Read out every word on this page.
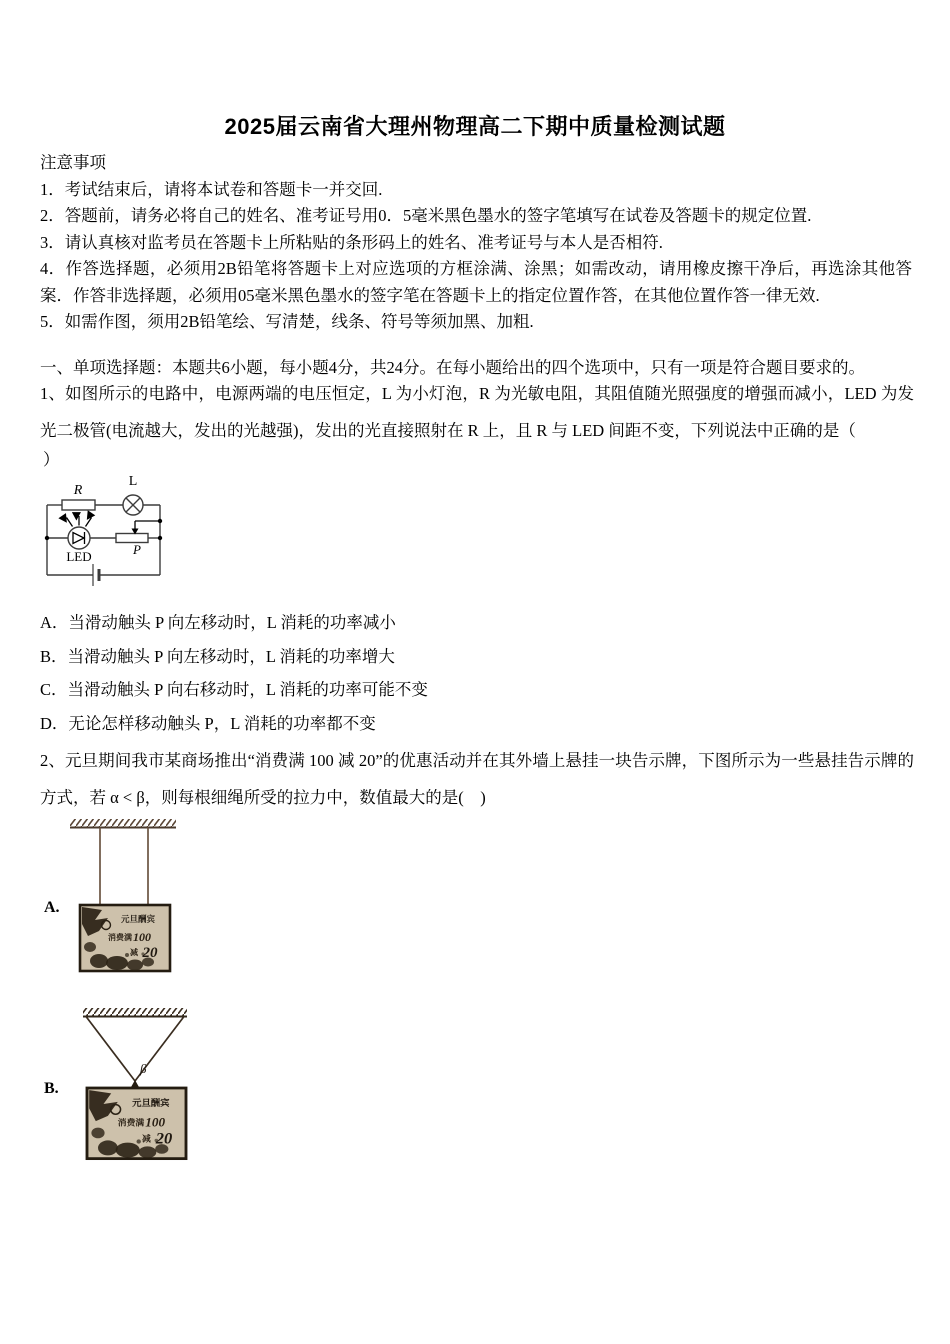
2025届云南省大理州物理高二下期中质量检测试题

注意事项

1．考试结束后，请将本试卷和答题卡一并交回.

2．答题前，请务必将自己的姓名、准考证号用0．5毫米黑色墨水的签字笔填写在试卷及答题卡的规定位置.

3．请认真核对监考员在答题卡上所粘贴的条形码上的姓名、准考证号与本人是否相符.

4．作答选择题，必须用2B铅笔将答题卡上对应选项的方框涂满、涂黑；如需改动，请用橡皮擦干净后，再选涂其他答案．作答非选择题，必须用05毫米黑色墨水的签字笔在答题卡上的指定位置作答，在其他位置作答一律无效.

5．如需作图，须用2B铅笔绘、写清楚，线条、符号等须加黑、加粗.

一、单项选择题：本题共6小题，每小题4分，共24分。在每小题给出的四个选项中，只有一项是符合题目要求的。
1、如图所示的电路中，电源两端的电压恒定，L 为小灯泡，R 为光敏电阻，其阻值随光照强度的增强而减小，LED 为发光二极管(电流越大，发出的光越强)，发出的光直接照射在 R 上，且 R 与 LED 间距不变，下列说法中正确的是（
）
R
L
LED	P
A．当滑动触头 P 向左移动时，L 消耗的功率减小
B．当滑动触头 P 向左移动时，L 消耗的功率增大
C．当滑动触头 P 向右移动时，L 消耗的功率可能不变
D．无论怎样移动触头 P，L 消耗的功率都不变
2、元旦期间我市某商场推出“消费满 100 减 20”的优惠活动并在其外墙上悬挂一块告示牌，下图所示为一些悬挂告示牌的方式，若 α < β，则每根细绳所受的拉力中，数值最大的是(　)
A.
元旦酬宾
消费满 100
减 20
B.
β
元旦酬宾
消费满 100
减 20
